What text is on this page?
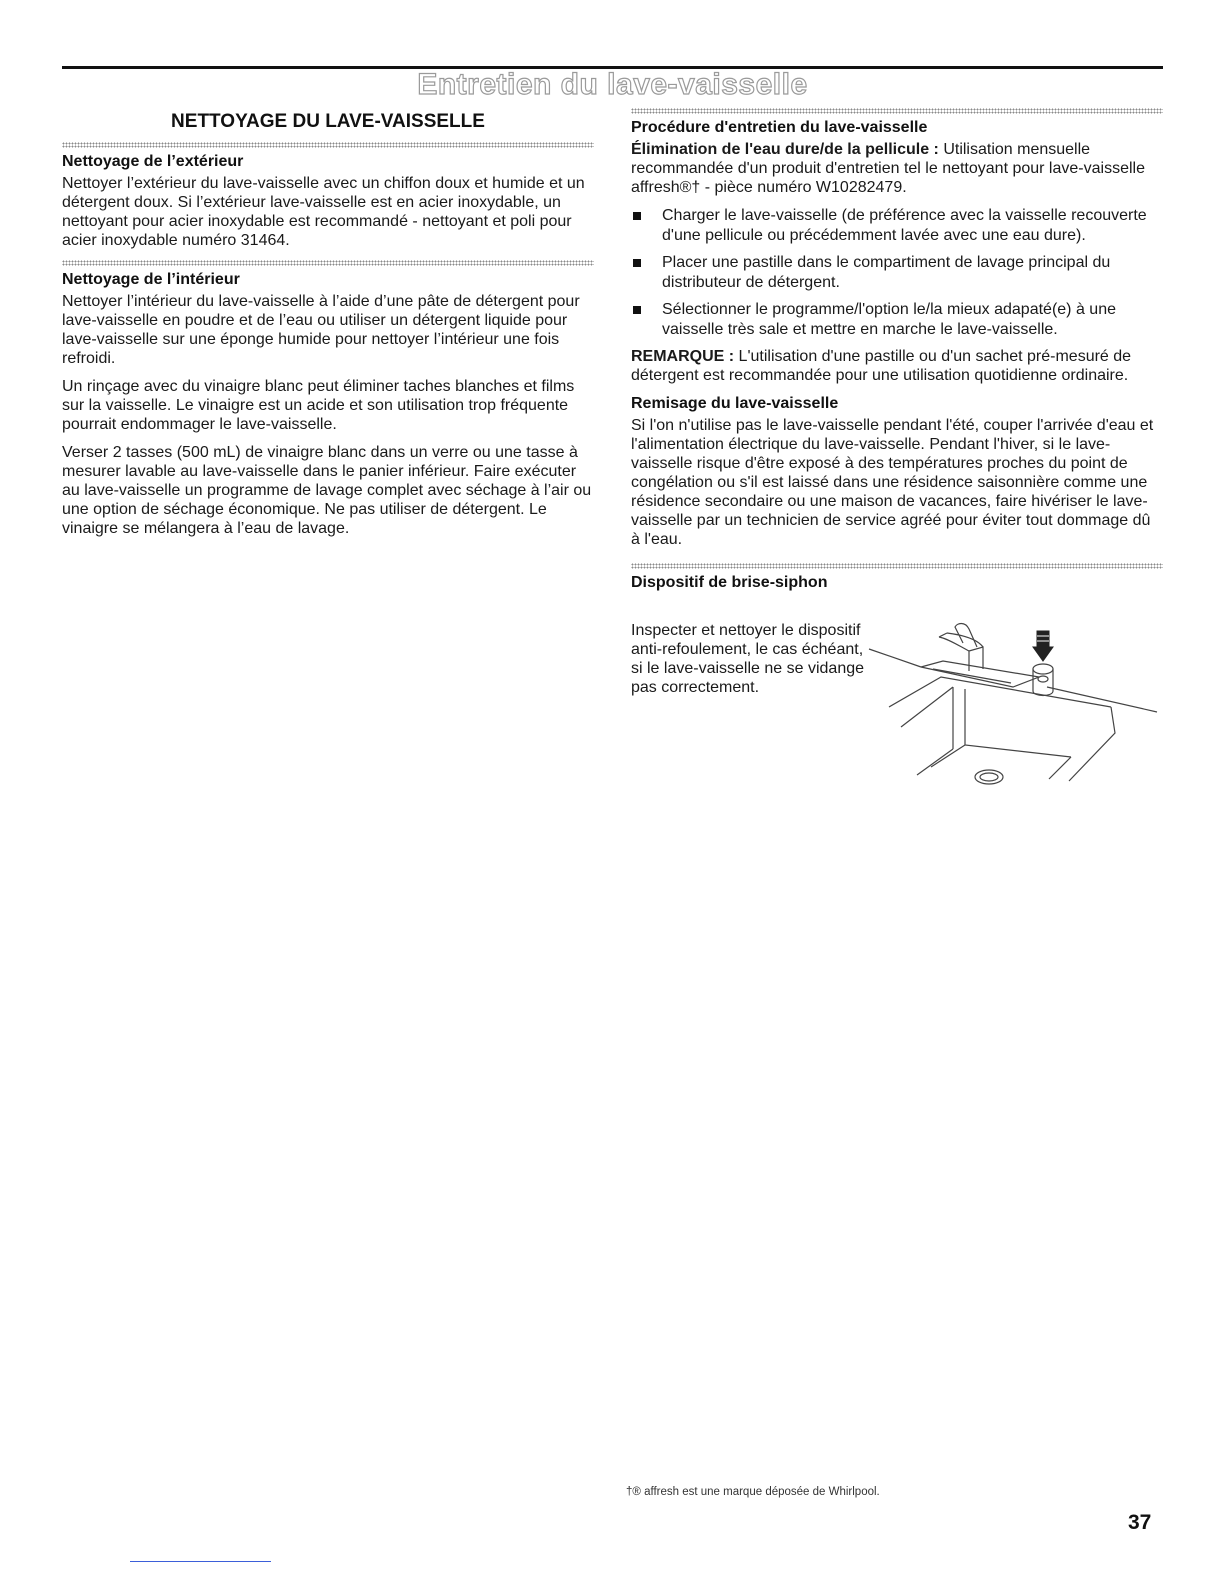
Entretien du lave-vaisselle
NETTOYAGE DU LAVE-VAISSELLE
Nettoyage de l’extérieur

Nettoyer l’extérieur du lave-vaisselle avec un chiffon doux et humide et un détergent doux. Si l’extérieur lave-vaisselle est en acier inoxydable, un nettoyant pour acier inoxydable est recommandé - nettoyant et poli pour acier inoxydable numéro 31464.

Nettoyage de l’intérieur

Nettoyer l’intérieur du lave-vaisselle à l’aide d’une pâte de détergent pour lave-vaisselle en poudre et de l’eau ou utiliser un détergent liquide pour lave-vaisselle sur une éponge humide pour nettoyer l’intérieur une fois refroidi.

Un rinçage avec du vinaigre blanc peut éliminer taches blanches et films sur la vaisselle. Le vinaigre est un acide et son utilisation trop fréquente pourrait endommager le lave-vaisselle.

Verser 2 tasses (500 mL) de vinaigre blanc dans un verre ou une tasse à mesurer lavable au lave-vaisselle dans le panier inférieur. Faire exécuter au lave-vaisselle un programme de lavage complet avec séchage à l’air ou une option de séchage économique. Ne pas utiliser de détergent. Le vinaigre se mélangera à l’eau de lavage.

Procédure d'entretien du lave-vaisselle

Élimination de l'eau dure/de la pellicule : Utilisation mensuelle recommandée d'un produit d'entretien tel le nettoyant pour lave-vaisselle affresh®† - pièce numéro W10282479.

Charger le lave-vaisselle (de préférence avec la vaisselle recouverte d'une pellicule ou précédemment lavée avec une eau dure).
Placer une pastille dans le compartiment de lavage principal du distributeur de détergent.
Sélectionner le programme/l'option le/la mieux adapaté(e) à une vaisselle très sale et mettre en marche le lave-vaisselle.

REMARQUE : L'utilisation d'une pastille ou d'un sachet pré-mesuré de détergent est recommandée pour une utilisation quotidienne ordinaire.

Remisage du lave-vaisselle

Si l'on n'utilise pas le lave-vaisselle pendant l'été, couper l'arrivée d'eau et l'alimentation électrique du lave-vaisselle. Pendant l'hiver, si le lave-vaisselle risque d'être exposé à des températures proches du point de congélation ou s'il est laissé dans une résidence saisonnière comme une résidence secondaire ou une maison de vacances, faire hivériser le lave-vaisselle par un technicien de service agréé pour éviter tout dommage dû à l'eau.

Dispositif de brise-siphon

Inspecter et nettoyer le dispositif anti-refoulement, le cas échéant, si le lave-vaisselle ne se vidange pas correctement.

†® affresh est une marque déposée de Whirlpool.
37
